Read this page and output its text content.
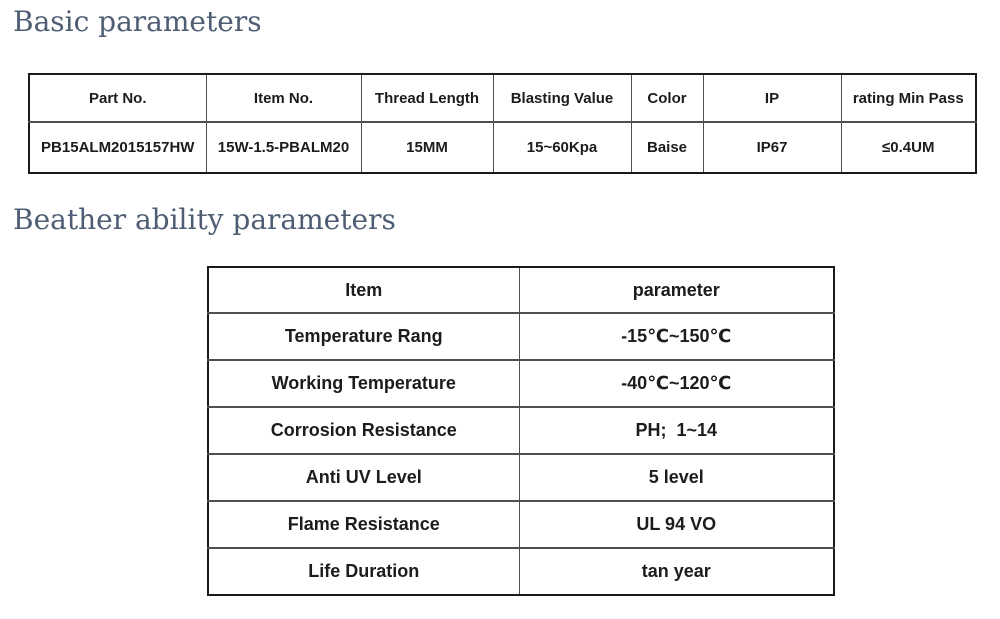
Basic parameters
Part No.	Item No.	Thread Length	Blasting Value	Color	IP	rating Min Pass
PB15ALM2015157HW	15W-1.5-PBALM20	15MM	15~60Kpa	Baise	IP67	≤0.4UM
Beather ability parameters
Item	parameter
Temperature Rang	-15℃~150℃
Working Temperature	-40℃~120℃
Corrosion Resistance	PH;  1~14
Anti UV Level	5 level
Flame Resistance	UL 94 VO
Life Duration	tan year
